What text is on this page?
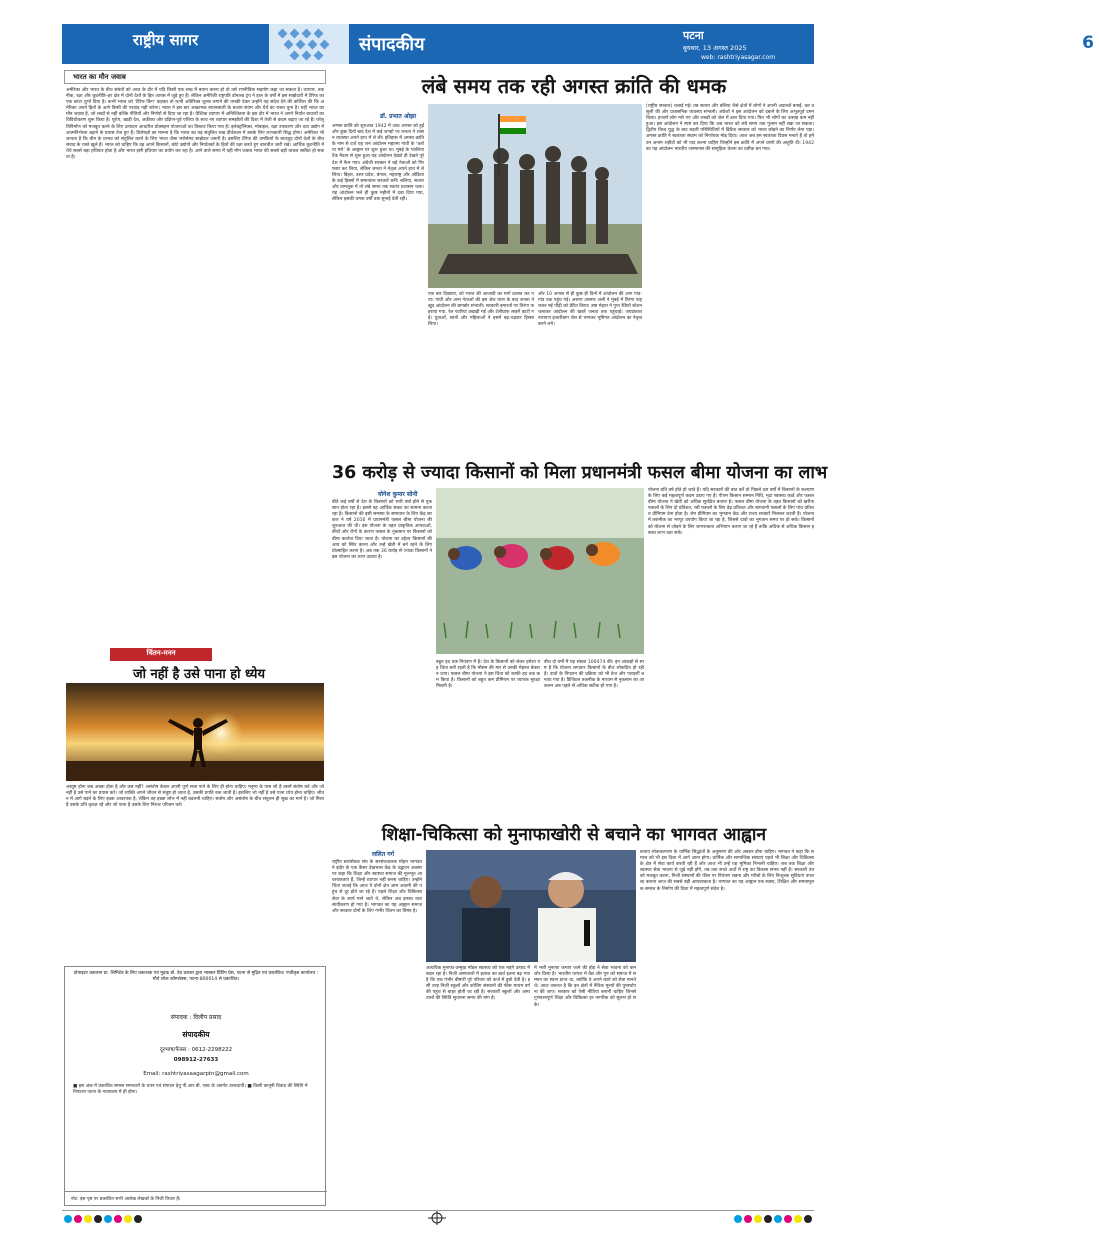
राष्ट्रीय सागर	संपादकीय	पटना
बुधवार, 13 अगस्त 2025
web: rashtriyasagar.com
6
भारत का मौन जवाब
अमेरिका और भारत के बीच संबंधों को आज के दौर में यदि किसी एक शब्द में बयान करना हो तो उसे रणनीतिक सहयोग कहा जा सकता है। व्यापार, तकनीक, रक्षा और कूटनीति–हर क्षेत्र में दोनों देशों के हित आपस में जुड़े हुए हैं। लेकिन अमेरिकी राष्ट्रपति डोनाल्ड ट्रंप ने हाल के वर्षों में इस साझेदारी में टैरिफ का एक कांटा चुभो दिया है। कभी भारत को 'टैरिफ किंग' कहकर तो कभी अतिरिक्त शुल्क लगाने की धमकी देकर उन्होंने यह संदेश देने की कोशिश की कि अमेरिका अपने हितों के आगे किसी की परवाह नहीं करेगा। भारत ने इस बार आक्रामक बयानबाजी के बजाय संयम और धैर्य का रास्ता चुना है। यही भारत का मौन जवाब है, जो शब्दों से नहीं बल्कि नीतियों और निर्णयों से दिया जा रहा है। वैश्विक व्यापार में अनिश्चितता के इस दौर में भारत ने अपने निर्यात बाजारों का विविधीकरण शुरू किया है। यूरोप, खाड़ी देश, अफ्रीका और दक्षिण-पूर्व एशिया के साथ नए व्यापार समझौतों की दिशा में तेजी से कदम बढ़ाए जा रहे हैं। घरेलू विनिर्माण को मजबूत करने के लिए उत्पादन आधारित प्रोत्साहन योजनाओं का विस्तार किया गया है। इलेक्ट्रॉनिक्स, मोबाइल, रक्षा उपकरण और दवा उद्योग में आत्मनिर्भरता बढ़ाने के प्रयास तेज हुए हैं। विशेषज्ञों का मानना है कि भारत का यह संतुलित रुख दीर्घकाल में उसके लिए लाभकारी सिद्ध होगा। अमेरिका भी जानता है कि चीन के प्रभाव को संतुलित करने के लिए भारत जैसा भरोसेमंद साझेदार जरूरी है। इसलिए टैरिफ की धमकियों के बावजूद दोनों देशों के बीच संवाद के रास्ते खुले हैं। भारत को चाहिए कि वह अपने किसानों, छोटे उद्योगों और निर्यातकों के हितों की रक्षा करते हुए बातचीत जारी रखे। आर्थिक कूटनीति में धैर्य सबसे बड़ा हथियार होता है और भारत इसी हथियार का प्रयोग कर रहा है। आने वाले समय में यही मौन जवाब भारत की सबसे बड़ी ताकत साबित हो सकता है।
चिंतन-मनन
जो नहीं है उसे पाना हो ध्येय
अस्तुष्ट होना कब अच्छा होता है और कब नहीं? असंतोष केवल अपनी पूर्ण सत्ता पाने के लिए ही होना चाहिए। मनुष्य के पास जो है उसमें संतोष करे और जो नहीं है उसे पाने का प्रयास करे। जो व्यक्ति अपने जीवन से संतुष्ट हो जाता है, उसकी प्रगति रुक जाती है। इसलिए जो नहीं है उसे पाना ध्येय होना चाहिए। जीवन में आगे बढ़ने के लिए इच्छा आवश्यक है, लेकिन वह इच्छा लोभ में नहीं बदलनी चाहिए। संतोष और असंतोष के बीच संतुलन ही सुख का मार्ग है। जो मिला है उसके प्रति कृतज्ञ रहें और जो पाना है उसके लिए निरंतर परिश्रम करें।
प्रोपाइटर प्रकाशन प्रा. लिमिटेड के लिए प्रकाशक एवं मुद्रक डॉ. वेद प्रकाश द्वारा भास्कर प्रिंटिंग प्रेस, पटना से मुद्रित एवं प्रकाशित। पंजीकृत कार्यालय : मौर्य लोक कॉम्प्लेक्स, पटना-800014 से प्रकाशित।
संपादक : दिलीप प्रसाद
संपादकीय
दूरभाष/फैक्स : 0612-2298222
098912-27633
Email: rashtriyasaagarptn@gmail.com
■ इस अंक में प्रकाशित समस्त समाचारों के चयन एवं संपादन हेतु पी.आर.बी. एक्ट के अंतर्गत उत्तरदायी। ■ किसी कानूनी विवाद की स्थिति में निपटारा पटना के न्यायालय में ही होगा।
नोट: इस पृष्ठ पर प्रकाशित सभी आलेख लेखकों के निजी विचार हैं।
लंबे समय तक रही अगस्त क्रांति की धमक
डॉ. प्रभात ओझा
अगस्त क्रांति को शुरुआत 1942 में आठ अगस्त को हुई और कुछ दिनों बाद देश में कई जगहों पर जनता ने शासन व्यवस्था अपने हाथ में ले ली। इतिहास में अगस्त क्रांति के नाम से दर्ज यह जन आंदोलन महात्मा गांधी के 'करो या मरो' के आह्वान पर शुरू हुआ था। मुंबई के ग्वालिया टैंक मैदान से शुरू हुआ यह आंदोलन देखते ही देखते पूरे देश में फैल गया। अंग्रेजी सरकार ने बड़े नेताओं को गिरफ्तार कर लिया, लेकिन जनता ने नेतृत्व अपने हाथ में ले लिया। बिहार, उत्तर प्रदेश, बंगाल, महाराष्ट्र और ओडिशा के कई हिस्सों में समानांतर सरकारें बनीं। बलिया, सतारा और तामलुक में तो लंबे समय तक स्वतंत्र प्रशासन चला। यह आंदोलन भले ही कुछ महीनों में दबा दिया गया, लेकिन इसकी धमक वर्षों तक सुनाई देती रही।
एक बार दिखाया, जो भारत की आजादी का मार्ग प्रशस्त कर गया। गांधी और अन्य नेताओं की इस जेल यात्रा के बाद जनता ने खुद आंदोलन की बागडोर संभाली। सरकारी इमारतों पर तिरंगा फहराया गया, रेल पटरियां उखाड़ी गईं और टेलीग्राफ लाइनें काटी गईं। युवाओं, छात्रों और महिलाओं ने इसमें बढ़-चढ़कर हिस्सा लिया।
और 10 अगस्त से ही कुछ ही दिनों में आंदोलन की आग गांव-गांव तक पहुंच गई। अरुणा आसफ अली ने मुंबई में तिरंगा फहराकर नई पीढ़ी को प्रेरित किया। उषा मेहता ने गुप्त रेडियो स्टेशन चलाकर आंदोलन की खबरें जनता तक पहुंचाईं। जयप्रकाश नारायण हजारीबाग जेल से भागकर भूमिगत आंदोलन का नेतृत्व करने लगे।
(राष्ट्रीय सरकार) चलाई गई। तब सतारा और बलिया जैसे क्षेत्रों में लोगों ने अपनी अदालतें बनाईं, कर वसूली की और प्रशासनिक व्यवस्था संभाली। अंग्रेजों ने इस आंदोलन को दबाने के लिए अभूतपूर्व दमन किया। हजारों लोग मारे गए और लाखों को जेल में डाल दिया गया। फिर भी लोगों का उत्साह कम नहीं हुआ। इस आंदोलन ने स्पष्ट कर दिया कि अब भारत को लंबे समय तक गुलाम नहीं रखा जा सकता। द्वितीय विश्व युद्ध के बाद बदली परिस्थितियों में ब्रिटिश सरकार को भारत छोड़ने का निर्णय लेना पड़ा। अगस्त क्रांति ने स्वतंत्रता संग्राम को निर्णायक मोड़ दिया। आज जब हम स्वतंत्रता दिवस मनाते हैं तो हमें उन अनाम शहीदों को भी याद करना चाहिए जिन्होंने इस क्रांति में अपने प्राणों की आहुति दी। 1942 का यह आंदोलन भारतीय जनमानस की सामूहिक चेतना का प्रतीक बन गया।
36 करोड़ से ज्यादा किसानों को मिला प्रधानमंत्री फसल बीमा योजना का लाभ
योगेश कुमार सोनी
बीते कई वर्षों से देश के किसानों को भारी वर्षा होने से नुकसान होता रहा है। इससे वह आर्थिक संकट का सामना करता रहा है। किसानों की इसी समस्या के समाधान के लिए केंद्र सरकार ने वर्ष 2016 में प्रधानमंत्री फसल बीमा योजना की शुरुआत की थी। इस योजना के तहत प्राकृतिक आपदाओं, कीटों और रोगों के कारण फसल के नुकसान पर किसानों को बीमा कवरेज दिया जाता है। योजना का उद्देश्य किसानों की आय को स्थिर करना और उन्हें खेती में बने रहने के लिए प्रोत्साहित करना है। अब तक 36 करोड़ से ज्यादा किसानों ने इस योजना का लाभ उठाया है।
बहुत हद तक नियंत्रण में है। देश के किसानों को लेकर हमेशा यह चिंता बनी रहती है कि मौसम की मार से उनकी मेहनत बेकार न जाए। फसल बीमा योजना ने इस चिंता को काफी हद तक कम किया है। किसानों को बहुत कम प्रीमियम पर व्यापक सुरक्षा मिलती है।
बीच दो वर्षों में यह संख्या 100474 की। इन आंकड़ों से स्पष्ट है कि योजना लगातार किसानों के बीच लोकप्रिय हो रही है। दावों के निपटान की प्रक्रिया को भी तेज और पारदर्शी बनाया गया है। डिजिटल तकनीक के माध्यम से नुकसान का आकलन अब पहले से अधिक सटीक हो गया है।
योजना प्रति वर्ष होते हो जाते हैं। यदि सरकारों की बात करें तो पिछले दस वर्षों में किसानों के कल्याण के लिए कई महत्वपूर्ण कदम उठाए गए हैं। पीएम किसान सम्मान निधि, मृदा स्वास्थ्य कार्ड और फसल बीमा योजना ने खेती को अधिक सुरक्षित बनाया है। फसल बीमा योजना के तहत किसानों को खरीफ फसलों के लिए दो प्रतिशत, रबी फसलों के लिए डेढ़ प्रतिशत और बागवानी फसलों के लिए पांच प्रतिशत प्रीमियम देना होता है। शेष प्रीमियम का भुगतान केंद्र और राज्य सरकारें मिलकर करती हैं। योजना में तकनीक का भरपूर उपयोग किया जा रहा है, जिससे दावों का भुगतान समय पर हो सके। किसानों को योजना से जोड़ने के लिए जागरूकता अभियान चलाए जा रहे हैं ताकि अधिक से अधिक किसान इसका लाभ उठा सकें।
शिक्षा-चिकित्सा को मुनाफाखोरी से बचाने का भागवत आह्वान
ललित गर्ग
राष्ट्रीय स्वयंसेवक संघ के सरसंघचालक मोहन भागवत ने इंदौर के एक कैंसर देखभाल केंद्र के उद्घाटन अवसर पर कहा कि शिक्षा और स्वास्थ्य समाज की मूलभूत आवश्यकताएं हैं, जिन्हें व्यापार नहीं बनना चाहिए। उन्होंने चिंता जताई कि आज ये दोनों क्षेत्र आम आदमी की पहुंच से दूर होते जा रहे हैं। पहले शिक्षा और चिकित्सा सेवा के कार्य माने जाते थे, लेकिन अब इनका व्यवसायीकरण हो गया है। भागवत का यह आह्वान समाज और सरकार दोनों के लिए गंभीर चिंतन का विषय है।
अत्यधिक मुनाफा-उन्मुख मॉडल स्वास्थ्य को एक महंगे उत्पाद में बदल रहा है। निजी अस्पतालों में इलाज का खर्च इतना बढ़ गया है कि एक गंभीर बीमारी पूरे परिवार को कर्ज में डुबो देती है। इसी तरह निजी स्कूलों और कोचिंग संस्थानों की फीस मध्यम वर्ग की पहुंच से बाहर होती जा रही है। सरकारी स्कूलों और अस्पतालों की स्थिति सुधारना समय की मांग है।
में भारी मुनाफा कमाए जाने की होड़ ने सेवा भावना को कमजोर किया है। भारतीय परंपरा में वैद्य और गुरु को समाज में सम्मान का स्थान प्राप्त था, क्योंकि वे अपने कार्य को सेवा मानते थे। आज जरूरत है कि इन क्षेत्रों में नैतिक मूल्यों की पुनर्स्थापना की जाए। सरकार को ऐसी नीतियां बनानी चाहिए जिनसे गुणवत्तापूर्ण शिक्षा और चिकित्सा हर नागरिक को सुलभ हो सके।
बजाय लोककल्याण के धार्मिक सिद्धांतों के अनुसरण की ओर अग्रसर होना चाहिए। भागवत ने कहा कि समाज को भी इस दिशा में आगे आना होगा। धार्मिक और सामाजिक संस्थाएं पहले भी शिक्षा और चिकित्सा के क्षेत्र में सेवा कार्य करती रही हैं और आज भी उन्हें यह भूमिका निभानी चाहिए। जब तक शिक्षा और स्वास्थ्य सेवा भावना से जुड़े नहीं होंगे, तब तक सच्चे अर्थों में राष्ट्र का विकास संभव नहीं है। सरकारी तंत्र को मजबूत करना, निजी संस्थानों की फीस पर नियंत्रण रखना और गरीबों के लिए निःशुल्क सुविधाएं उपलब्ध कराना आज की सबसे बड़ी आवश्यकता है। भागवत का यह आह्वान एक स्वस्थ, शिक्षित और समतामूलक समाज के निर्माण की दिशा में महत्वपूर्ण संदेश है।
